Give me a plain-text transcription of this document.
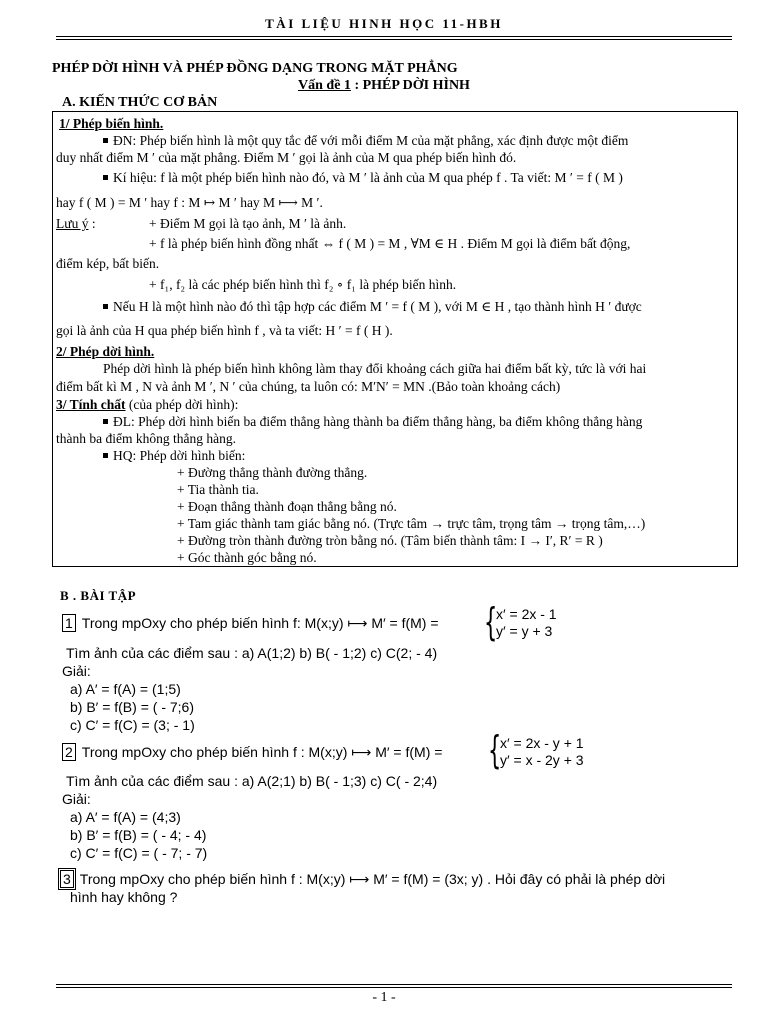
TÀI LIỆU HINH HỌC 11-HBH
PHÉP DỜI HÌNH VÀ PHÉP ĐỒNG DẠNG TRONG MẶT PHẲNG
Vấn đề 1 : PHÉP DỜI HÌNH
A. KIẾN THỨC CƠ BẢN
1/ Phép biến hình.
ĐN: Phép biến hình là một quy tắc để với mỗi điểm M của mặt phẳng, xác định được một điểm
duy nhất điểm M ′ của mặt phẳng. Điểm M ′ gọi là ảnh của M qua phép biến hình đó.
Kí hiệu: f là một phép biến hình nào đó, và M ′ là ảnh của M qua phép f . Ta viết: M ′ = f ( M )
hay f ( M ) = M ′ hay f : M ↦ M ′ hay M ⟼ M ′.
Lưu ý :	+ Điểm M gọi là tạo ảnh, M ′ là ảnh.
+ f là phép biến hình đồng nhất ⇔ f ( M ) = M , ∀M ∈ H . Điểm M gọi là điểm bất động,
điểm kép, bất biến.
+ f₁, f₂ là các phép biến hình thì f₂ ∘ f₁ là phép biến hình.
Nếu H là một hình nào đó thì tập hợp các điểm M ′ = f ( M ), với M ∈ H , tạo thành hình H ′ được
gọi là ảnh của H qua phép biến hình f , và ta viết: H ′ = f ( H ).
2/ Phép dời hình.
Phép dời hình là phép biến hình không làm thay đổi khoảng cách giữa hai điểm bất kỳ, tức là với hai
điểm bất kì M , N và ảnh M ′, N ′ của chúng, ta luôn có: M′N′ = MN .(Bảo toàn khoảng cách)
3/ Tính chất (của phép dời hình):
ĐL: Phép dời hình biến ba điểm thẳng hàng thành ba điểm thẳng hàng, ba điểm không thẳng hàng
thành ba điểm không thẳng hàng.
HQ: Phép dời hình biến:
+ Đường thẳng thành đường thẳng.
+ Tia thành tia.
+ Đoạn thẳng thành đoạn thẳng bằng nó.
+ Tam giác thành tam giác bằng nó. (Trực tâm → trực tâm, trọng tâm → trọng tâm,…)
+ Đường tròn thành đường tròn bằng nó. (Tâm biến thành tâm: I → I′, R′ = R )
+ Góc thành góc bằng nó.
B . BÀI TẬP
1 Trong mpOxy cho phép biến hình f: M(x;y) ⟼ M′ = f(M) = {
x′ = 2x - 1
y′ = y + 3
Tìm ảnh của các điểm sau : a) A(1;2) b) B( - 1;2) c) C(2; - 4)
Giải:
a) A′ = f(A) = (1;5)
b) B′ = f(B) = ( - 7;6)
c) C′ = f(C) = (3; - 1)
2 Trong mpOxy cho phép biến hình f : M(x;y) ⟼ M′ = f(M) = {
x′ = 2x - y + 1
y′ = x - 2y + 3
Tìm ảnh của các điểm sau : a) A(2;1) b) B( - 1;3) c) C( - 2;4)
Giải:
a) A′ = f(A) = (4;3)
b) B′ = f(B) = ( - 4; - 4)
c) C′ = f(C) = ( - 7; - 7)
3 Trong mpOxy cho phép biến hình f : M(x;y) ⟼ M′ = f(M) = (3x; y) . Hỏi đây có phải là phép dời
hình hay không ?
- 1 -
